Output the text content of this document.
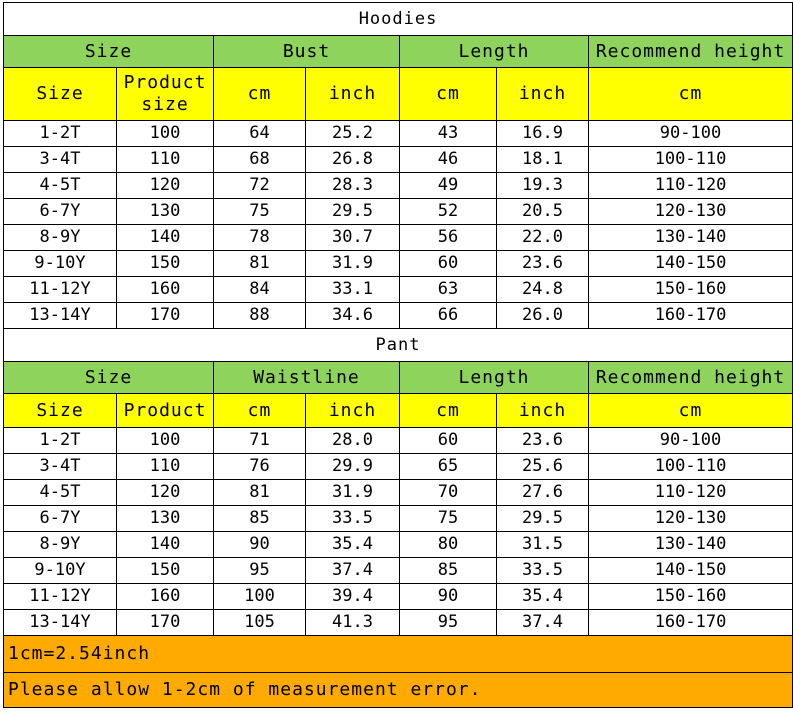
Hoodies						
Size		Bust		Length		Recommend height
Size	Product size	cm	inch	cm	inch	cm
1-2T	100	64	25.2	43	16.9	90-100
3-4T	110	68	26.8	46	18.1	100-110
4-5T	120	72	28.3	49	19.3	110-120
6-7Y	130	75	29.5	52	20.5	120-130
8-9Y	140	78	30.7	56	22.0	130-140
9-10Y	150	81	31.9	60	23.6	140-150
11-12Y	160	84	33.1	63	24.8	150-160
13-14Y	170	88	34.6	66	26.0	160-170
Pant						
Size		Waistline		Length		Recommend height
Size	Product	cm	inch	cm	inch	cm
1-2T	100	71	28.0	60	23.6	90-100
3-4T	110	76	29.9	65	25.6	100-110
4-5T	120	81	31.9	70	27.6	110-120
6-7Y	130	85	33.5	75	29.5	120-130
8-9Y	140	90	35.4	80	31.5	130-140
9-10Y	150	95	37.4	85	33.5	140-150
11-12Y	160	100	39.4	90	35.4	150-160
13-14Y	170	105	41.3	95	37.4	160-170
1cm=2.54inch						
Please allow 1-2cm of measurement error.						
